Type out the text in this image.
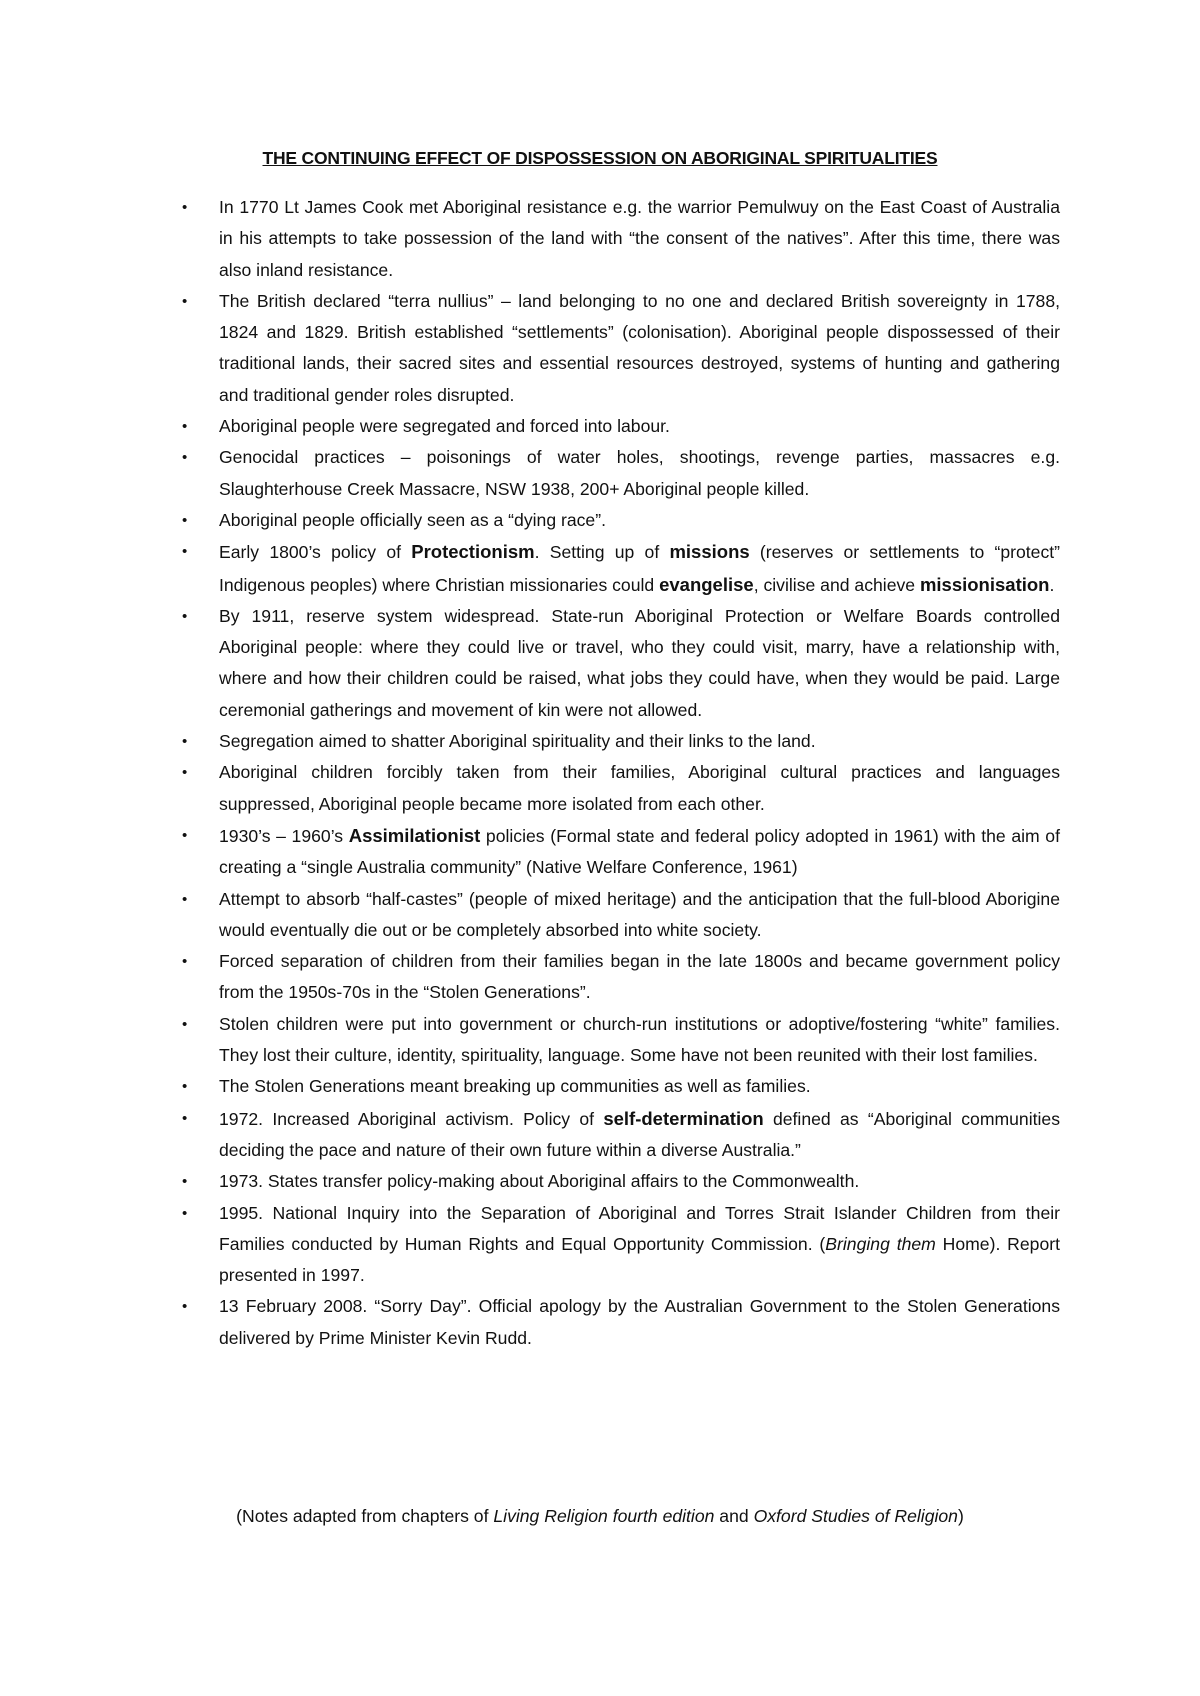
THE CONTINUING EFFECT OF DISPOSSESSION ON ABORIGINAL SPIRITUALITIES
• In 1770 Lt James Cook met Aboriginal resistance e.g. the warrior Pemulwuy on the East Coast of Australia in his attempts to take possession of the land with “the consent of the natives”. After this time, there was also inland resistance.
• The British declared “terra nullius” – land belonging to no one and declared British sovereignty in 1788, 1824 and 1829. British established “settlements” (colonisation). Aboriginal people dispossessed of their traditional lands, their sacred sites and essential resources destroyed, systems of hunting and gathering and traditional gender roles disrupted.
• Aboriginal people were segregated and forced into labour.
• Genocidal practices – poisonings of water holes, shootings, revenge parties, massacres e.g. Slaughterhouse Creek Massacre, NSW 1938, 200+ Aboriginal people killed.
• Aboriginal people officially seen as a “dying race”.
• Early 1800’s policy of Protectionism. Setting up of missions (reserves or settlements to “protect” Indigenous peoples) where Christian missionaries could evangelise, civilise and achieve missionisation.
• By 1911, reserve system widespread. State-run Aboriginal Protection or Welfare Boards controlled Aboriginal people: where they could live or travel, who they could visit, marry, have a relationship with, where and how their children could be raised, what jobs they could have, when they would be paid. Large ceremonial gatherings and movement of kin were not allowed.
• Segregation aimed to shatter Aboriginal spirituality and their links to the land.
• Aboriginal children forcibly taken from their families, Aboriginal cultural practices and languages suppressed, Aboriginal people became more isolated from each other.
• 1930’s – 1960’s Assimilationist policies (Formal state and federal policy adopted in 1961) with the aim of creating a “single Australia community” (Native Welfare Conference, 1961)
• Attempt to absorb “half-castes” (people of mixed heritage) and the anticipation that the full-blood Aborigine would eventually die out or be completely absorbed into white society.
• Forced separation of children from their families began in the late 1800s and became government policy from the 1950s-70s in the “Stolen Generations”.
• Stolen children were put into government or church-run institutions or adoptive/fostering “white” families. They lost their culture, identity, spirituality, language. Some have not been reunited with their lost families.
• The Stolen Generations meant breaking up communities as well as families.
• 1972. Increased Aboriginal activism. Policy of self-determination defined as “Aboriginal communities deciding the pace and nature of their own future within a diverse Australia.”
• 1973. States transfer policy-making about Aboriginal affairs to the Commonwealth.
• 1995. National Inquiry into the Separation of Aboriginal and Torres Strait Islander Children from their Families conducted by Human Rights and Equal Opportunity Commission. (Bringing them Home). Report presented in 1997.
• 13 February 2008. “Sorry Day”. Official apology by the Australian Government to the Stolen Generations delivered by Prime Minister Kevin Rudd.
(Notes adapted from chapters of Living Religion fourth edition and Oxford Studies of Religion)
